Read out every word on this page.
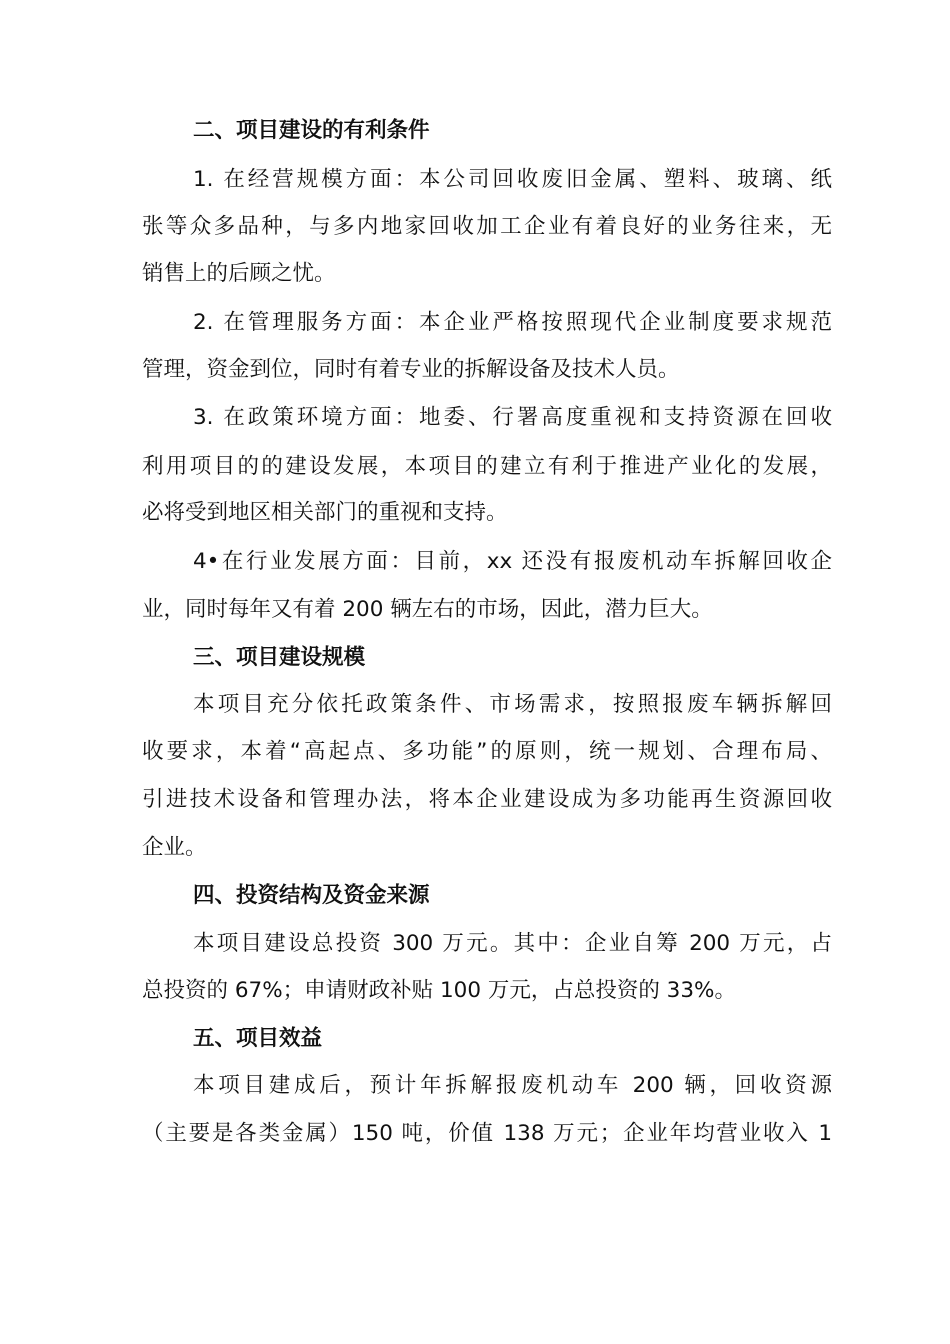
二、项目建设的有利条件
1. 在经营规模方面：本公司回收废旧金属、塑料、玻璃、纸
张等众多品种，与多内地家回收加工企业有着良好的业务往来，无
销售上的后顾之忧。
2. 在管理服务方面：本企业严格按照现代企业制度要求规范
管理，资金到位，同时有着专业的拆解设备及技术人员。
3. 在政策环境方面：地委、行署高度重视和支持资源在回收
利用项目的的建设发展，本项目的建立有利于推进产业化的发展，
必将受到地区相关部门的重视和支持。
4•在行业发展方面：目前，xx 还没有报废机动车拆解回收企
业，同时每年又有着 200 辆左右的市场，因此，潜力巨大。
三、项目建设规模
本项目充分依托政策条件、市场需求，按照报废车辆拆解回
收要求，本着“高起点、多功能”的原则，统一规划、合理布局、
引进技术设备和管理办法，将本企业建设成为多功能再生资源回收
企业。
四、投资结构及资金来源
本项目建设总投资 300 万元。其中：企业自筹 200 万元，占
总投资的 67%；申请财政补贴 100 万元，占总投资的 33%。
五、项目效益
本项目建成后，预计年拆解报废机动车 200 辆，回收资源
（主要是各类金属）150 吨，价值 138 万元；企业年均营业收入 1
